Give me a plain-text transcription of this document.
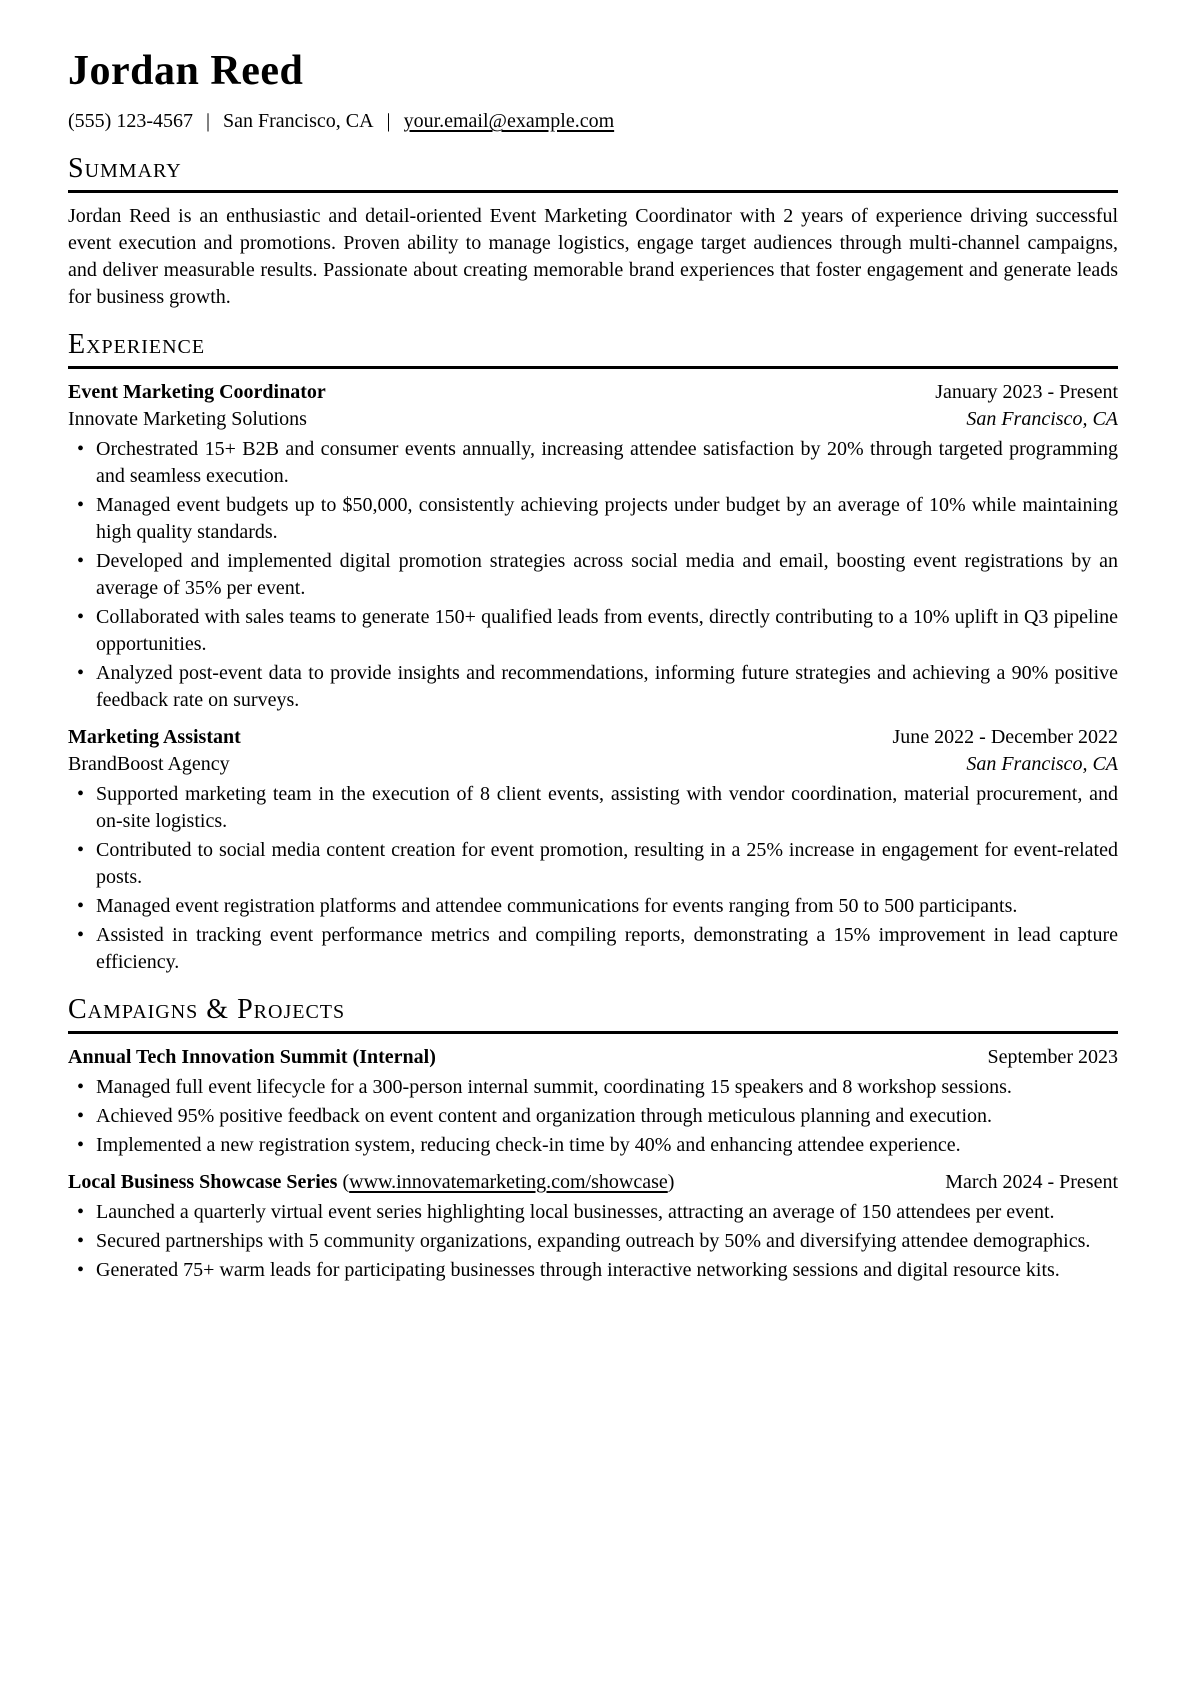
Jordan Reed
(555) 123-4567 | San Francisco, CA | your.email@example.com
Summary

Jordan Reed is an enthusiastic and detail-oriented Event Marketing Coordinator with 2 years of experience driving successful event execution and promotions. Proven ability to manage logistics, engage target audiences through multi-channel campaigns, and deliver measurable results. Passionate about creating memorable brand experiences that foster engagement and generate leads for business growth.

Experience
Event Marketing Coordinator	January 2023 - Present
Innovate Marketing Solutions	San Francisco, CA
• Orchestrated 15+ B2B and consumer events annually, increasing attendee satisfaction by 20% through targeted programming and seamless execution.
• Managed event budgets up to $50,000, consistently achieving projects under budget by an average of 10% while maintaining high quality standards.
• Developed and implemented digital promotion strategies across social media and email, boosting event registrations by an average of 35% per event.
• Collaborated with sales teams to generate 150+ qualified leads from events, directly contributing to a 10% uplift in Q3 pipeline opportunities.
• Analyzed post-event data to provide insights and recommendations, informing future strategies and achieving a 90% positive feedback rate on surveys.
Marketing Assistant	June 2022 - December 2022
BrandBoost Agency	San Francisco, CA
• Supported marketing team in the execution of 8 client events, assisting with vendor coordination, material procurement, and on-site logistics.
• Contributed to social media content creation for event promotion, resulting in a 25% increase in engagement for event-related posts.
• Managed event registration platforms and attendee communications for events ranging from 50 to 500 participants.
• Assisted in tracking event performance metrics and compiling reports, demonstrating a 15% improvement in lead capture efficiency.
Campaigns & Projects
Annual Tech Innovation Summit (Internal)	September 2023
• Managed full event lifecycle for a 300-person internal summit, coordinating 15 speakers and 8 workshop sessions.
• Achieved 95% positive feedback on event content and organization through meticulous planning and execution.
• Implemented a new registration system, reducing check-in time by 40% and enhancing attendee experience.
Local Business Showcase Series ( www.innovatemarketing.com/showcase )	March 2024 - Present
• Launched a quarterly virtual event series highlighting local businesses, attracting an average of 150 attendees per event.
• Secured partnerships with 5 community organizations, expanding outreach by 50% and diversifying attendee demographics.
• Generated 75+ warm leads for participating businesses through interactive networking sessions and digital resource kits.
